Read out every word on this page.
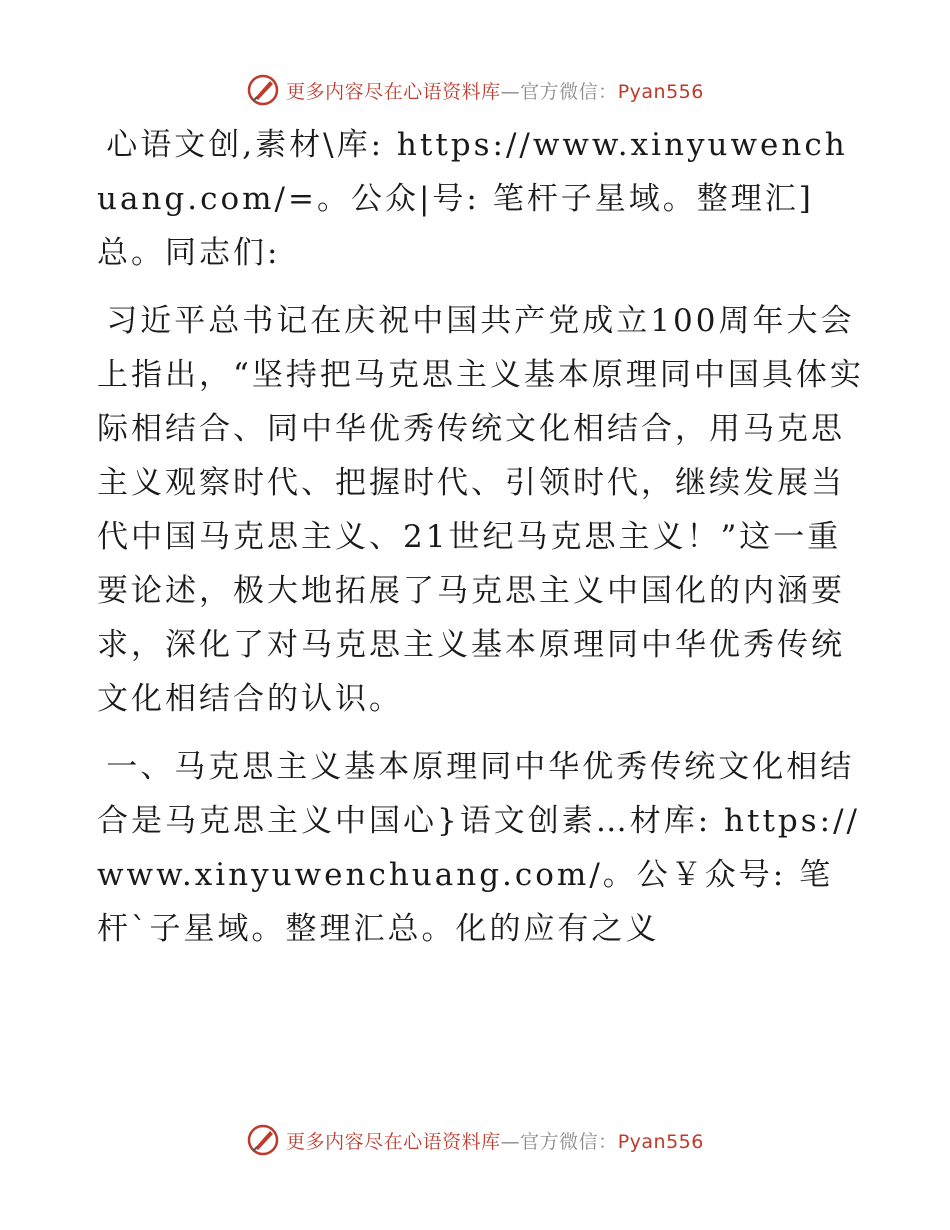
更多内容尽在心语资料库—官方微信：Pyan556

心语文创,素材\库: https://www.xinyuwenchuang.com/=。公众|号: 笔杆子星域。整理汇]总。同志们:

习近平总书记在庆祝中国共产党成立100周年大会上指出，“坚持把马克思主义基本原理同中国具体实际相结合、同中华优秀传统文化相结合，用马克思主义观察时代、把握时代、引领时代，继续发展当代中国马克思主义、21世纪马克思主义！”这一重要论述，极大地拓展了马克思主义中国化的内涵要求，深化了对马克思主义基本原理同中华优秀传统文化相结合的认识。

一、马克思主义基本原理同中华优秀传统文化相结合是马克思主义中国心}语文创素…材库: https://www.xinyuwenchuang.com/。公￥众号: 笔杆`子星域。整理汇总。化的应有之义

更多内容尽在心语资料库—官方微信：Pyan556
